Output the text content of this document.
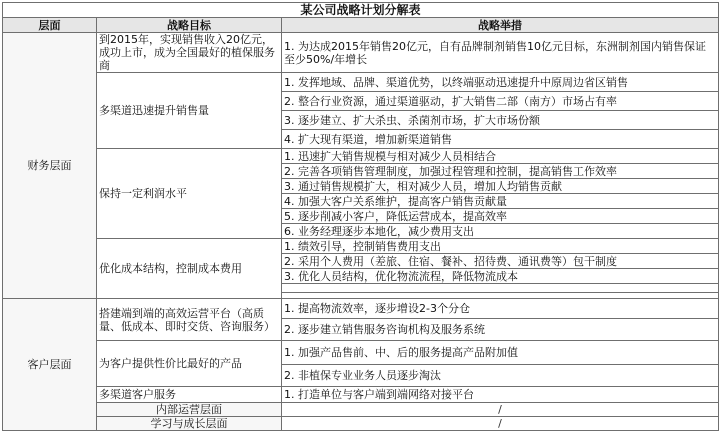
某公司战略计划分解表			
层面	战略目标	战略举措	
财务层面	到2015年，实现销售收入20亿元，成功上市，成为全国最好的植保服务商	1. 为达成2015年销售20亿元，自有品牌制剂销售10亿元目标，东洲制剂国内销售保证至少50%/年增长	
	多渠道迅速提升销售量	1. 发挥地域、品牌、渠道优势，以终端驱动迅速提升中原周边省区销售	
		2. 整合行业资源，通过渠道驱动，扩大销售二部（南方）市场占有率	
		3. 逐步建立、扩大杀虫、杀菌剂市场，扩大市场份额	
		4. 扩大现有渠道，增加新渠道销售	
	保持一定利润水平	1. 迅速扩大销售规模与相对减少人员相结合	
		2. 完善各项销售管理制度，加强过程管理和控制，提高销售工作效率	
		3. 通过销售规模扩大，相对减少人员，增加人均销售贡献	
		4. 加强大客户关系维护，提高客户销售贡献量	
		5. 逐步削减小客户，降低运营成本，提高效率	
		6. 业务经理逐步本地化，减少费用支出	
	优化成本结构，控制成本费用	1. 绩效引导，控制销售费用支出	
		2. 采用个人费用（差旅、住宿、餐补、招待费、通讯费等）包干制度	
		3. 优化人员结构，优化物流流程，降低物流成本	

客户层面	搭建端到端的高效运营平台（高质量、低成本、即时交货、咨询服务）	1. 提高物流效率，逐步增设2-3个分仓	
		2. 逐步建立销售服务咨询机构及服务系统	
	为客户提供性价比最好的产品	1. 加强产品售前、中、后的服务提高产品附加值	
		2. 非植保专业业务人员逐步淘汰	
	多渠道客户服务	1. 打造单位与客户端到端网络对接平台	
	内部运营层面	/	
	学习与成长层面	/	
